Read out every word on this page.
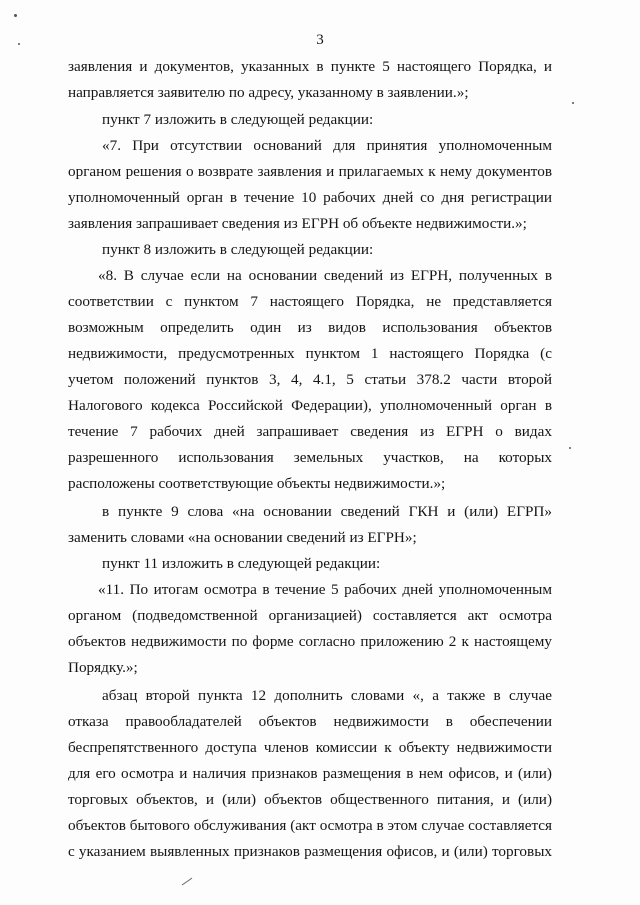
3
заявления и документов, указанных в пункте 5 настоящего Порядка, и
направляется заявителю по адресу, указанному в заявлении.»;
пункт 7 изложить в следующей редакции:
«7. При отсутствии оснований для принятия уполномоченным
органом решения о возврате заявления и прилагаемых к нему документов
уполномоченный орган в течение 10 рабочих дней со дня регистрации
заявления запрашивает сведения из ЕГРН об объекте недвижимости.»;
пункт 8 изложить в следующей редакции:
«8. В случае если на основании сведений из ЕГРН, полученных в
соответствии с пунктом 7 настоящего Порядка, не представляется
возможным определить один из видов использования объектов
недвижимости, предусмотренных пунктом 1 настоящего Порядка (с
учетом положений пунктов 3, 4, 4.1, 5 статьи 378.2 части второй
Налогового кодекса Российской Федерации), уполномоченный орган в
течение 7 рабочих дней запрашивает сведения из ЕГРН о видах
разрешенного использования земельных участков, на которых
расположены соответствующие объекты недвижимости.»;
в пункте 9 слова «на основании сведений ГКН и (или) ЕГРП»
заменить словами «на основании сведений из ЕГРН»;
пункт 11 изложить в следующей редакции:
«11. По итогам осмотра в течение 5 рабочих дней уполномоченным
органом (подведомственной организацией) составляется акт осмотра
объектов недвижимости по форме согласно приложению 2 к настоящему
Порядку.»;
абзац второй пункта 12 дополнить словами «, а также в случае
отказа правообладателей объектов недвижимости в обеспечении
беспрепятственного доступа членов комиссии к объекту недвижимости
для его осмотра и наличия признаков размещения в нем офисов, и (или)
торговых объектов, и (или) объектов общественного питания, и (или)
объектов бытового обслуживания (акт осмотра в этом случае составляется
с указанием выявленных признаков размещения офисов, и (или) торговых
